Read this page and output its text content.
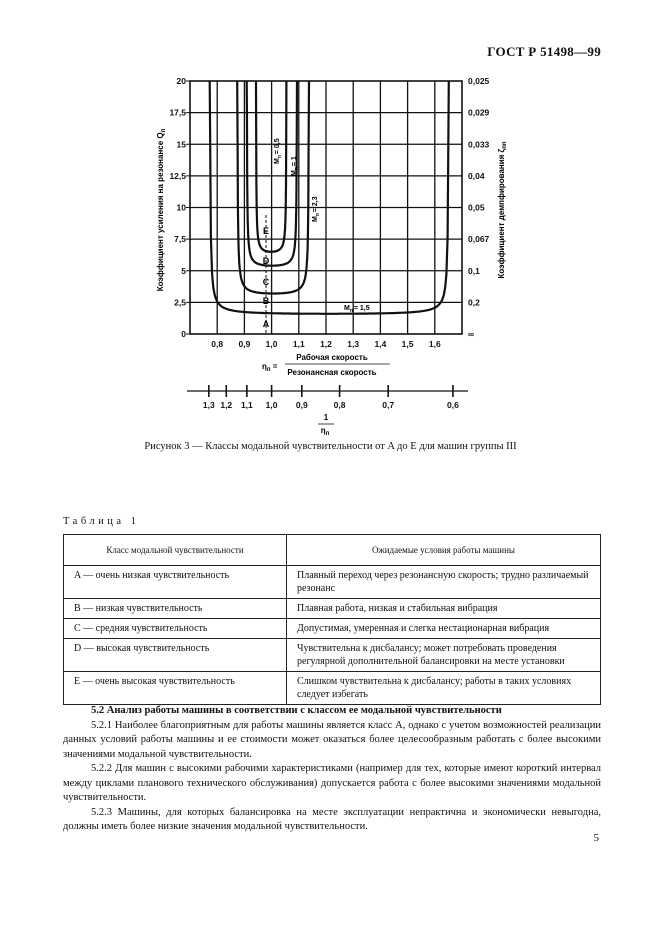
ГОСТ Р 51498—99
0,8 0,9 1,0 1,1 1,2 1,3 1,4 1,5 1,6
0	∞
2,5	0,2
5	0,1
7,5	0,067
10	0,05
12,5	0,04
15	0,033
17,5	0,029
20	0,025
Коэффициент усиления на резонансе $Q_п$
Коэффициент демпфирования $\zeta_{пп}$
$M_п= 0,5$
$M_п= 1$
$M_п= 2,3$
$M_п= 1,5$
A
B
C
D
E
$\eta_п$ =
Рабочая скорость
Резонансная скорость
1,3 1,2 1,1 1,0 0,9	0,8	0,7	0,6
1
$\eta_п$
Рисунок 3 — Классы модальной чувствительности от A до E для машин группы III
Таблица 1
Класс модальной чувствительности	Ожидаемые условия работы машины
A — очень низкая чувствительность	Плавный переход через резонансную скорость; трудно различаемый резонанс
B — низкая чувствительность	Плавная работа, низкая и стабильная вибрация
C — средняя чувствительность	Допустимая, умеренная и слегка нестационарная вибрация
D — высокая чувствительность	Чувствительна к дисбалансу; может потребовать проведения регулярной дополнительной балансировки на месте установки
E — очень высокая чувствительность	Слишком чувствительна к дисбалансу; работы в таких условиях следует избегать
5.2 Анализ работы машины в соответствии с классом ее модальной чувствительности

5.2.1 Наиболее благоприятным для работы машины является класс A, однако с учетом возможностей реализации данных условий работы машины и ее стоимости может оказаться более целесообразным работать с более высокими значениями модальной чувствительности.

5.2.2 Для машин с высокими рабочими характеристиками (например для тех, которые имеют короткий интервал между циклами планового технического обслуживания) допускается работа с более высокими значениями модальной чувствительности.

5.2.3 Машины, для которых балансировка на месте эксплуатации непрактична и экономически невыгодна, должны иметь более низкие значения модальной чувствительности.

5
